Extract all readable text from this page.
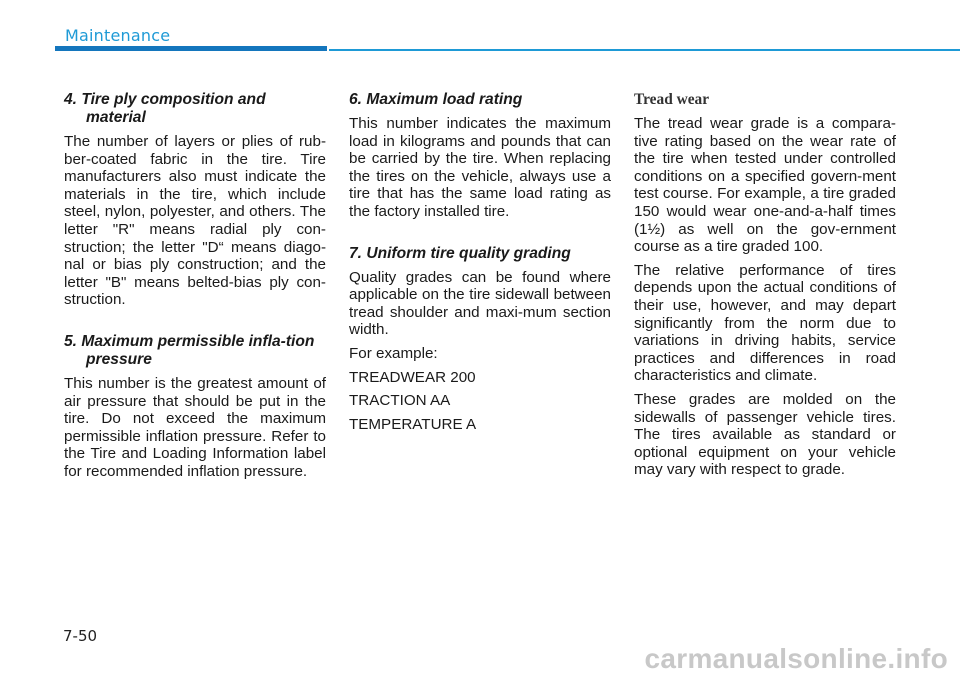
Maintenance
4. Tire ply composition and material

The number of layers or plies of rub-ber-coated fabric in the tire. Tire manufacturers also must indicate the materials in the tire, which include steel, nylon, polyester, and others. The letter "R" means radial ply con-struction; the letter "D“ means diago-nal or bias ply construction; and the letter "B" means belted-bias ply con-struction.

5. Maximum permissible infla-tion pressure

This number is the greatest amount of air pressure that should be put in the tire. Do not exceed the maximum permissible inflation pressure. Refer to the Tire and Loading Information label for recommended inflation pressure.

6. Maximum load rating

This number indicates the maximum load in kilograms and pounds that can be carried by the tire. When replacing the tires on the vehicle, always use a tire that has the same load rating as the factory installed tire.

7. Uniform tire quality grading

Quality grades can be found where applicable on the tire sidewall between tread shoulder and maxi-mum section width.

For example:

TREADWEAR 200

TRACTION AA

TEMPERATURE A

Tread wear

The tread wear grade is a compara-tive rating based on the wear rate of the tire when tested under controlled conditions on a specified govern-ment test course. For example, a tire graded 150 would wear one-and-a-half times (1½) as well on the gov-ernment course as a tire graded 100.

The relative performance of tires depends upon the actual conditions of their use, however, and may depart significantly from the norm due to variations in driving habits, service practices and differences in road characteristics and climate.

These grades are molded on the sidewalls of passenger vehicle tires. The tires available as standard or optional equipment on your vehicle may vary with respect to grade.

7-50
carmanualsonline.info
